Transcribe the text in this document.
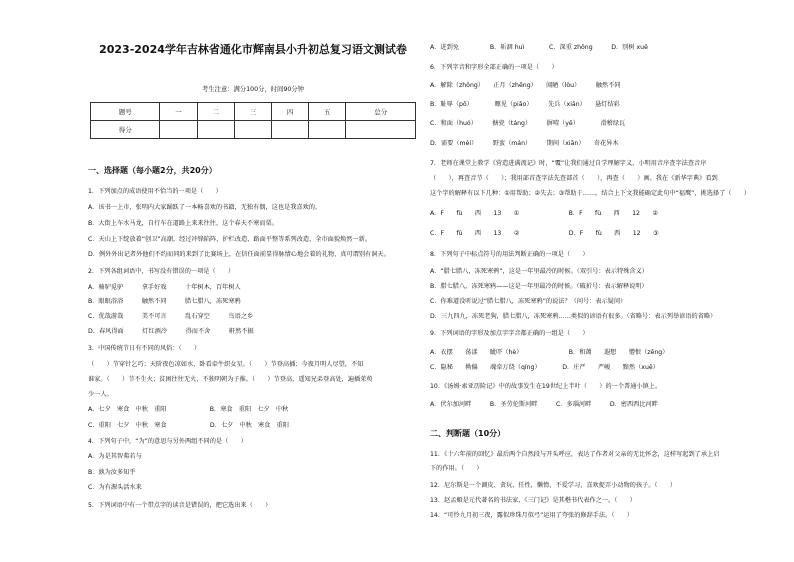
2023-2024学年吉林省通化市辉南县小升初总复习语文测试卷
考生注意：满分100分，时间90分钟
题号	一	二	三	四	五	总分
得分						
一、选择题（每小题2分，共20分）
1．下列加点的成语使用不恰当的一项是（　　）
A．该书一上市，张明内大家踊跃了一本畅喜欢的书籍，无独有偶，这也是我喜欢的。
B．大街上车水马龙，自行车在道路上来来往往，这个春天不寒而栗。
C．天山上下绽放着“创卫”高潮，经过冲锋陷阵、护栏改造、路面平整等系列改造，全市面貌焕然一新。
D．例外外出记者外他们不约而同的来到了比赛场上，在信任面前显得脉情心地会着的礼物，真可谓别有洞天。
2．下列各组词语中，书写没有错误的一项是（　　）
A．骑驴觅驴　　　拿手好戏　　　十年树木，百年树人
B．眼眼浴浴　　　触然不同　　　腊七腊八，冻死寒鸦
C．优哉游哉　　　美不可言　　　乱石穿空　　　鸟语之乡
D．春风得面　　　灯红酒冷　　　得而不舍　　　鼾然不振
3．中国传统节日有不同的风俗：（　　）
（　　）节穿针乞巧；天阶夜色凉如水，卧看牵牛织女星。（　　）节登高插；今夜月明人尽望，不知
谁家。（　　）节不生火；贫困往往无火，不独明朝为子推。（　　）节登高，遥知兄弟登高处，遍插茱萸
少一人。
A．七夕　寒食　中秋　重阳　　　　　　　B．寒食　重阳　七夕　中秋
C．重阳　七夕　中秋　寒食　　　　　　　D．七夕　中秋　寒食　重阳
4．下列句子中，“为”的意思与另外两组不同的是（　　）
A．为是其智弗若与
B．孰为汝多知乎
C．为有源头活水来
5．下列词语中有一个带点字的读音是错误的，把它选出来（　　）
A．迸到免　　　　　B．斩涸 huì　　　　C．深重 zhōng　　　D．别树 xuě
6．下列字音和字形全部正确的一项是（　　）
A．解除（zhōng）　　正月（zhēng）　　闻陋（lòu）　　　触然不同
B．耻辱（pō）　　　　瞟见（piǎo）　　　先兵（xiān）　　悬灯结彩
C．和面（huó）　　　搪瓷（táng）　　　摒噎（yē）　　　　滑稽绿瓦
D．需要（méi）　　　野蛮（mán）　　　期间（xiān）　　奇花异木
7．老师在课堂上教学《营造进满流记》时，“覆”让我们通过自学理解字义，小明用音序查字法查音序
（　　），再查音节（　　）；我用部首查字法先查部首（　　），再查（　　）画。我在《新华字典》看到
这个字的解释有以下几种：①用帮助；②失去；③帮助于……。结合上下文我能确定此句中“福鹰”，挑选择了（　　）
A．F　　fù　　西　　13　　①　　　　　　　　B．F　　fù　　西　　12　　②
C．F　　fù　　西　　13　　②　　　　　　　　D．F　　fù　　西　　12　　③
8．下列句子中标点符号的用法判断正确的一项是（　　）
A．“腊七腊八，冻死寒鸦”，这是一年里最冷的时候。（双引号：表示特殊含义）
B．腊七腊八，冻死寒鸦——这是一年里最冷的时候。（破折号：表示解释说明）
C．你难道没听说过“腊七腊八，冻死寒鸦”的说法？（问号：表示疑问）
D．三九四九，冻死老狗，腊七腊八，冻死寒鸦……类似的谚语有很多。（省略号：表示列举谚语的省略）
9．下列词语的字形及加点字字音都正确的一组是（　　）
A．衣摆　　荡漾　　眦吓（hè）　　　　　　　　B．和蔼　　遐想　　憎恨（zēng）
C．隐秘　　拗偏　　魂牵万绕（qíng）　　　　D．庄严　　严峻　　黯然（xuē）
10．《汤姆·索亚历险记》中的故事发生在19世纪上半叶（　　）的一个普通小镇上。
A．伏尔加河畔　　　B．圣劳伦斯河畔　　　C．多瑙河畔　　　D．密西西比河畔
二、判断题（10分）
11．《十六年前的回忆》最后两个自然段与开头呼应，表达了作者对父亲的无比怀念，这样写起到了承上启
下的作用。（　　）
12．尼尔斯是一个调皮、贪玩、任性，懒惰，不爱学习，喜欢捉弄小动物的孩子。（　　）
13．赵孟頫是元代著名的书法家，《三门记》是其楷书代表作之一。（　　）
14．“可怜九月初三夜，露似珍珠月似弓”运用了夸张的修辞手法。（　　）
